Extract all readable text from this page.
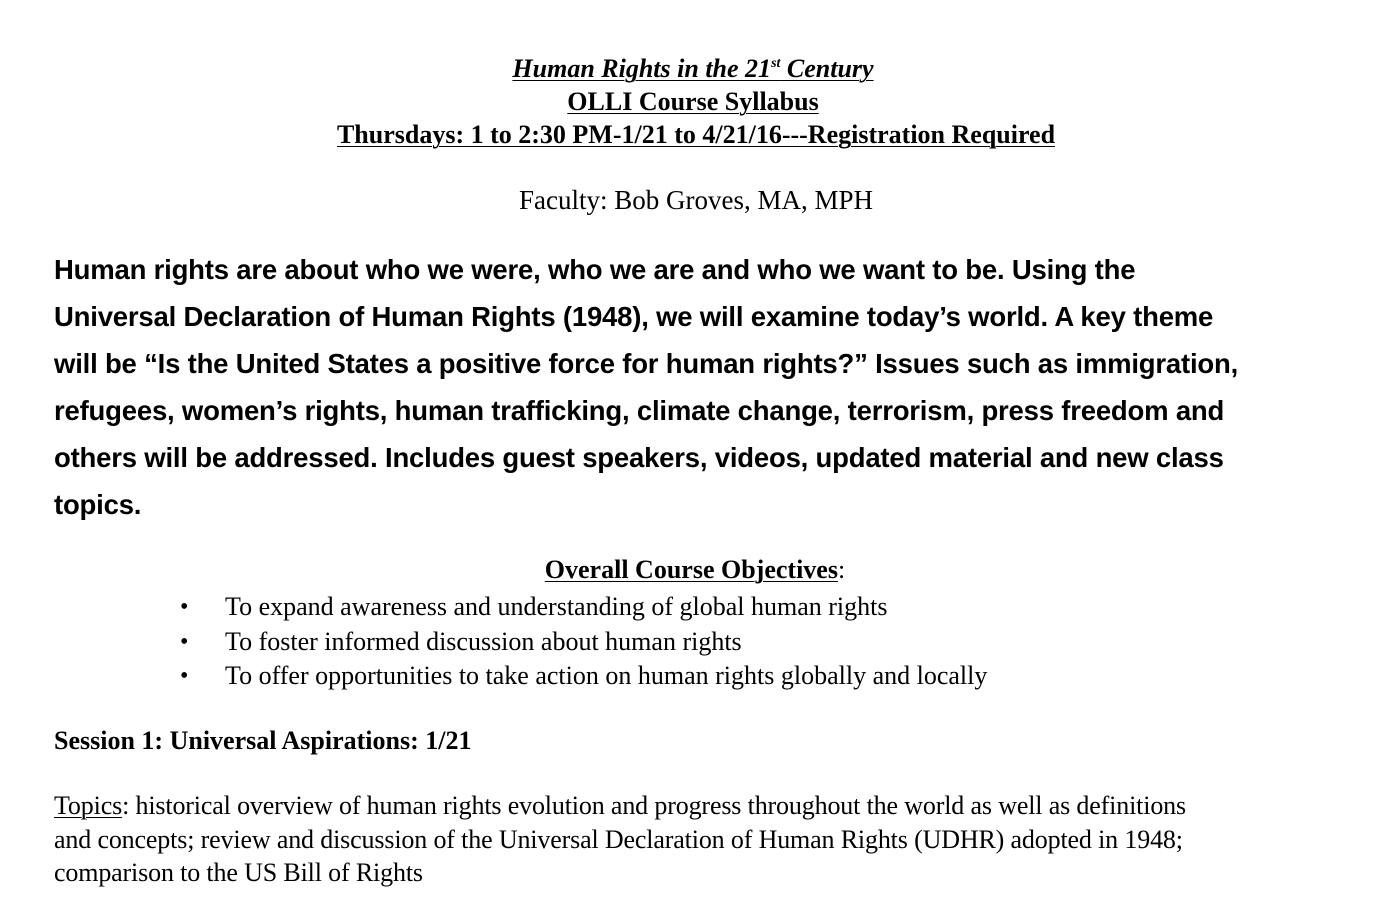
Human Rights in the 21st Century
OLLI Course Syllabus
Thursdays: 1 to 2:30 PM-1/21 to 4/21/16---Registration Required
Faculty: Bob Groves, MA, MPH
Human rights are about who we were, who we are and who we want to be. Using the
Universal Declaration of Human Rights (1948), we will examine today’s world. A key theme
will be “Is the United States a positive force for human rights?” Issues such as immigration,
refugees, women’s rights, human trafficking, climate change, terrorism, press freedom and
others will be addressed. Includes guest speakers, videos, updated material and new class
topics.
Overall Course Objectives:
•	To expand awareness and understanding of global human rights
•	To foster informed discussion about human rights
•	To offer opportunities to take action on human rights globally and locally
Session 1: Universal Aspirations: 1/21
Topics: historical overview of human rights evolution and progress throughout the world as well as definitions
and concepts; review and discussion of the Universal Declaration of Human Rights (UDHR) adopted in 1948;
comparison to the US Bill of Rights
